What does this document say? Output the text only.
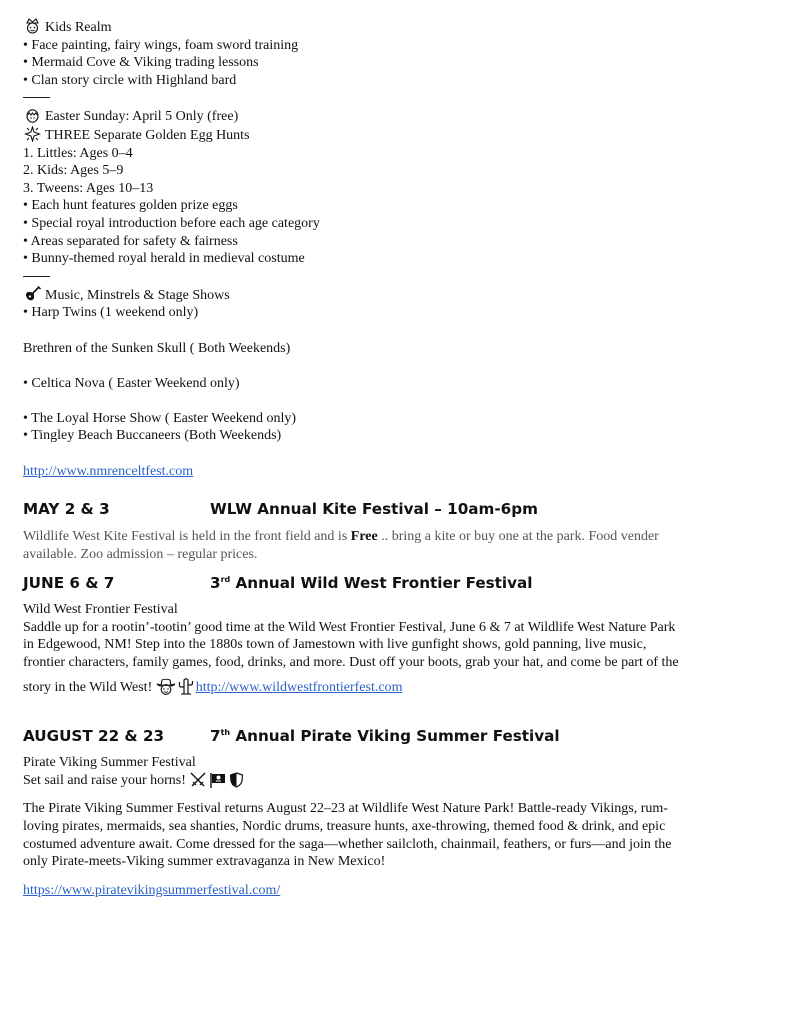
Kids Realm
• Face painting, fairy wings, foam sword training
• Mermaid Cove & Viking trading lessons
• Clan story circle with Highland bard
Easter Sunday: April 5 Only (free)
THREE Separate Golden Egg Hunts
1. Littles: Ages 0–4
2. Kids: Ages 5–9
3. Tweens: Ages 10–13
• Each hunt features golden prize eggs
• Special royal introduction before each age category
• Areas separated for safety & fairness
• Bunny-themed royal herald in medieval costume
Music, Minstrels & Stage Shows
• Harp Twins (1 weekend only)
Brethren of the Sunken Skull ( Both Weekends)
• Celtica Nova ( Easter Weekend only)
• The Loyal Horse Show ( Easter Weekend only)
• Tingley Beach Buccaneers (Both Weekends)
http://www.nmrenceltfest.com
MAY 2 & 3	WLW Annual Kite Festival – 10am-6pm
Wildlife West Kite Festival is held in the front field and is Free .. bring a kite or buy one at the park. Food vender
available. Zoo admission – regular prices.
JUNE 6 & 7	3rd Annual Wild West Frontier Festival
Wild West Frontier Festival
Saddle up for a rootin’-tootin’ good time at the Wild West Frontier Festival, June 6 & 7 at Wildlife West Nature Park
in Edgewood, NM! Step into the 1880s town of Jamestown with live gunfight shows, gold panning, live music,
frontier characters, family games, food, drinks, and more. Dust off your boots, grab your hat, and come be part of the
story in the Wild West!	http://www.wildwestfrontierfest.com
AUGUST 22 & 23	7th Annual Pirate Viking Summer Festival
Pirate Viking Summer Festival
Set sail and raise your horns!
The Pirate Viking Summer Festival returns August 22–23 at Wildlife West Nature Park! Battle-ready Vikings, rum-
loving pirates, mermaids, sea shanties, Nordic drums, treasure hunts, axe-throwing, themed food & drink, and epic
costumed adventure await. Come dressed for the saga—whether sailcloth, chainmail, feathers, or furs—and join the
only Pirate-meets-Viking summer extravaganza in New Mexico!
https://www.piratevikingsummerfestival.com/
